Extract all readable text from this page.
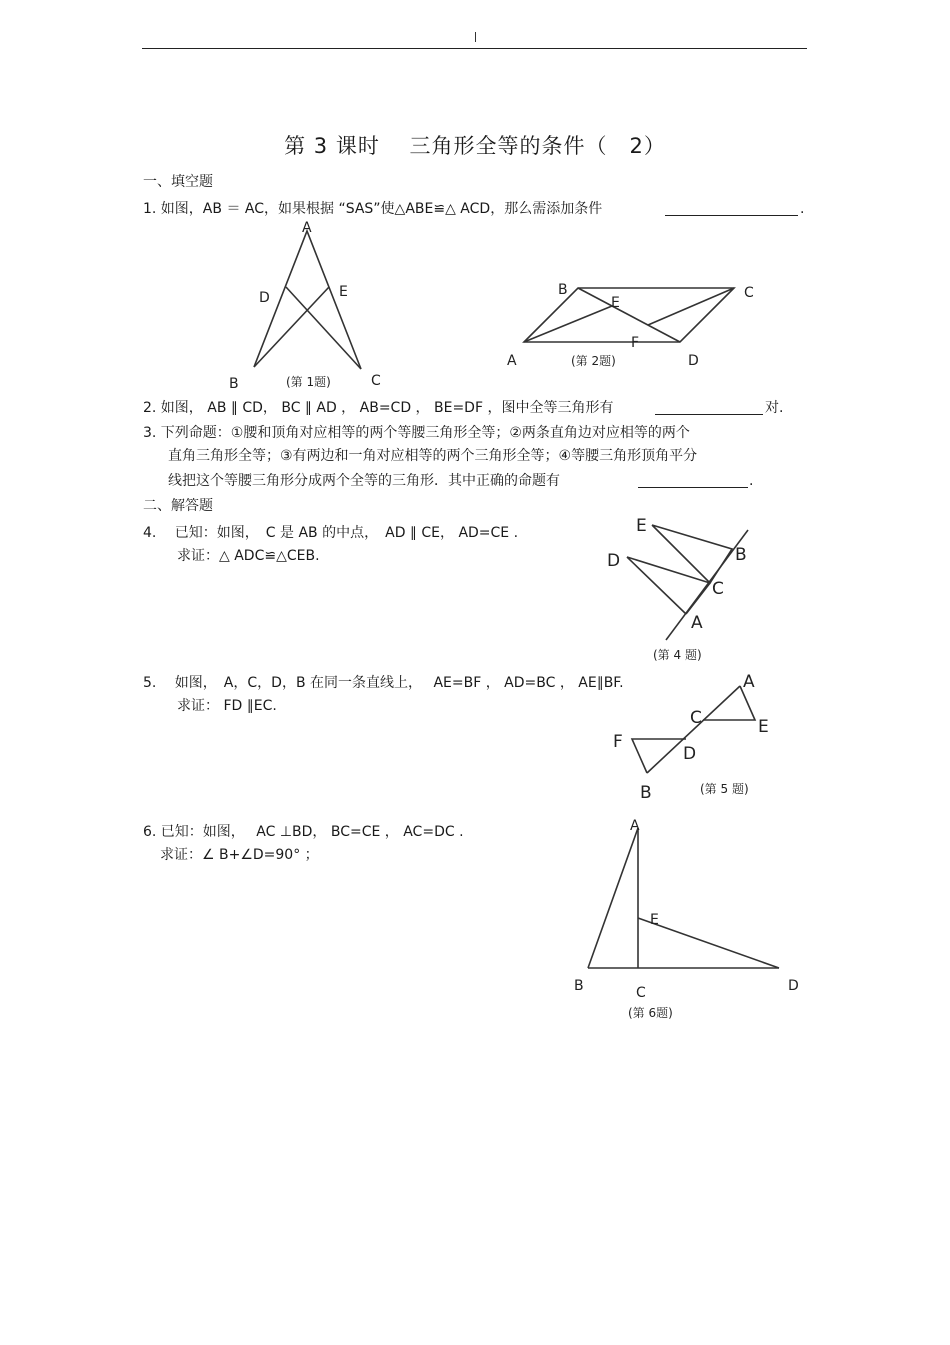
第 3 课时　 三角形全等的条件（　2）
一、填空题
1. 如图，AB ＝ AC，如果根据 “SAS”使△ABE≌△ ACD，那么需添加条件	.
A
D	E
B	C
(第 1题)
B
E
C
F
A	D
(第 2题)
2. 如图， AB ∥ CD， BC ∥ AD ， AB=CD ， BE=DF ，图中全等三角形有	对.
3. 下列命题：①腰和顶角对应相等的两个等腰三角形全等；②两条直角边对应相等的两个
直角三角形全等；③有两边和一角对应相等的两个三角形全等；④等腰三角形顶角平分
线把这个等腰三角形分成两个全等的三角形．其中正确的命题有	.
二、解答题
4.　 已知：如图，　C 是 AB 的中点，　AD ∥ CE， AD=CE .
求证：△ ADC≌△CEB.
E
B
D
C
A
(第 4 题)
5.　 如图，　A，C，D，B 在同一条直线上，　 AE=BF ， AD=BC ， AE∥BF.
求证： FD ∥EC.
A
C	E
F
D
B	(第 5 题)
6. 已知：如图，　 AC ⊥BD， BC=CE ， AC=DC .
求证：∠ B+∠D=90° ；
A
E
B	C	D
(第 6题)
